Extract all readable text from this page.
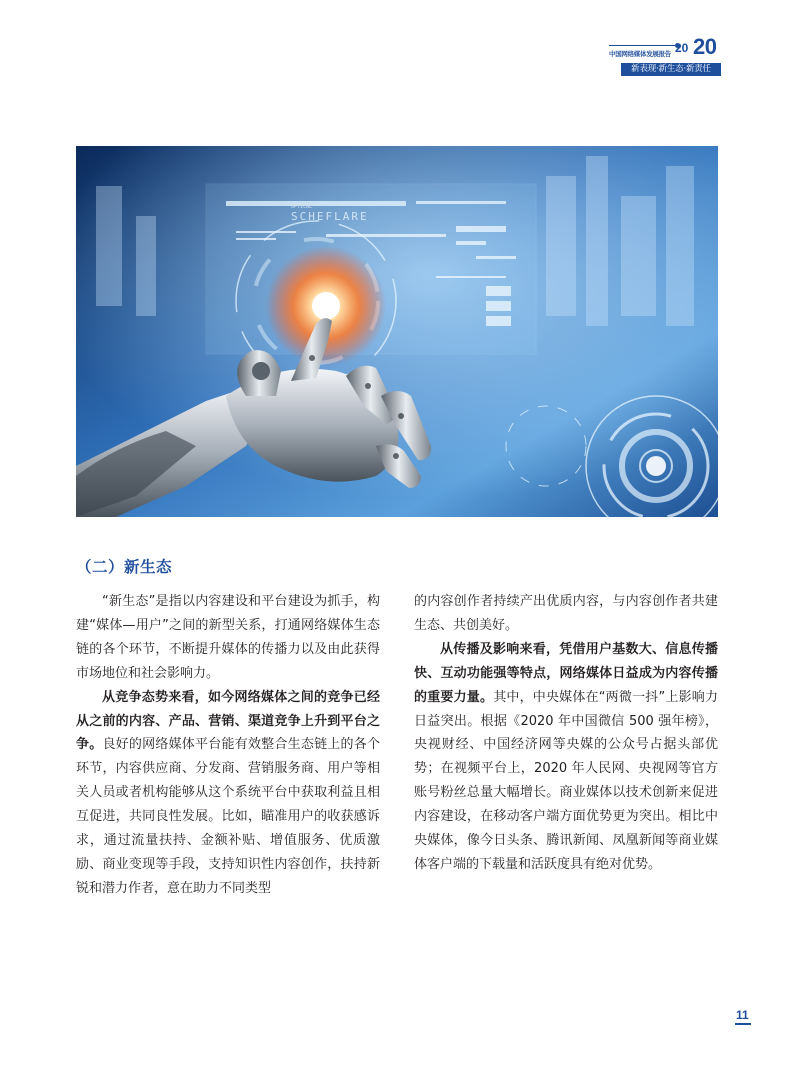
中国网络媒体发展报告 20 20
新表现·新生态·新责任
SCHEFLARE
OPTICAL
（二）新生态

“新生态”是指以内容建设和平台建设为抓手，构建“媒体—用户”之间的新型关系，打通网络媒体生态链的各个环节，不断提升媒体的传播力以及由此获得市场地位和社会影响力。

从竞争态势来看，如今网络媒体之间的竞争已经从之前的内容、产品、营销、渠道竞争上升到平台之争。良好的网络媒体平台能有效整合生态链上的各个环节，内容供应商、分发商、营销服务商、用户等相关人员或者机构能够从这个系统平台中获取利益且相互促进，共同良性发展。比如，瞄准用户的收获感诉求，通过流量扶持、金额补贴、增值服务、优质激励、商业变现等手段，支持知识性内容创作，扶持新锐和潜力作者，意在助力不同类型

的内容创作者持续产出优质内容，与内容创作者共建生态、共创美好。

从传播及影响来看，凭借用户基数大、信息传播快、互动功能强等特点，网络媒体日益成为内容传播的重要力量。其中，中央媒体在“两微一抖”上影响力日益突出。根据《2020 年中国微信 500 强年榜》，央视财经、中国经济网等央媒的公众号占据头部优势；在视频平台上，2020 年人民网、央视网等官方账号粉丝总量大幅增长。商业媒体以技术创新来促进内容建设，在移动客户端方面优势更为突出。相比中央媒体，像今日头条、腾讯新闻、凤凰新闻等商业媒体客户端的下载量和活跃度具有绝对优势。

11
